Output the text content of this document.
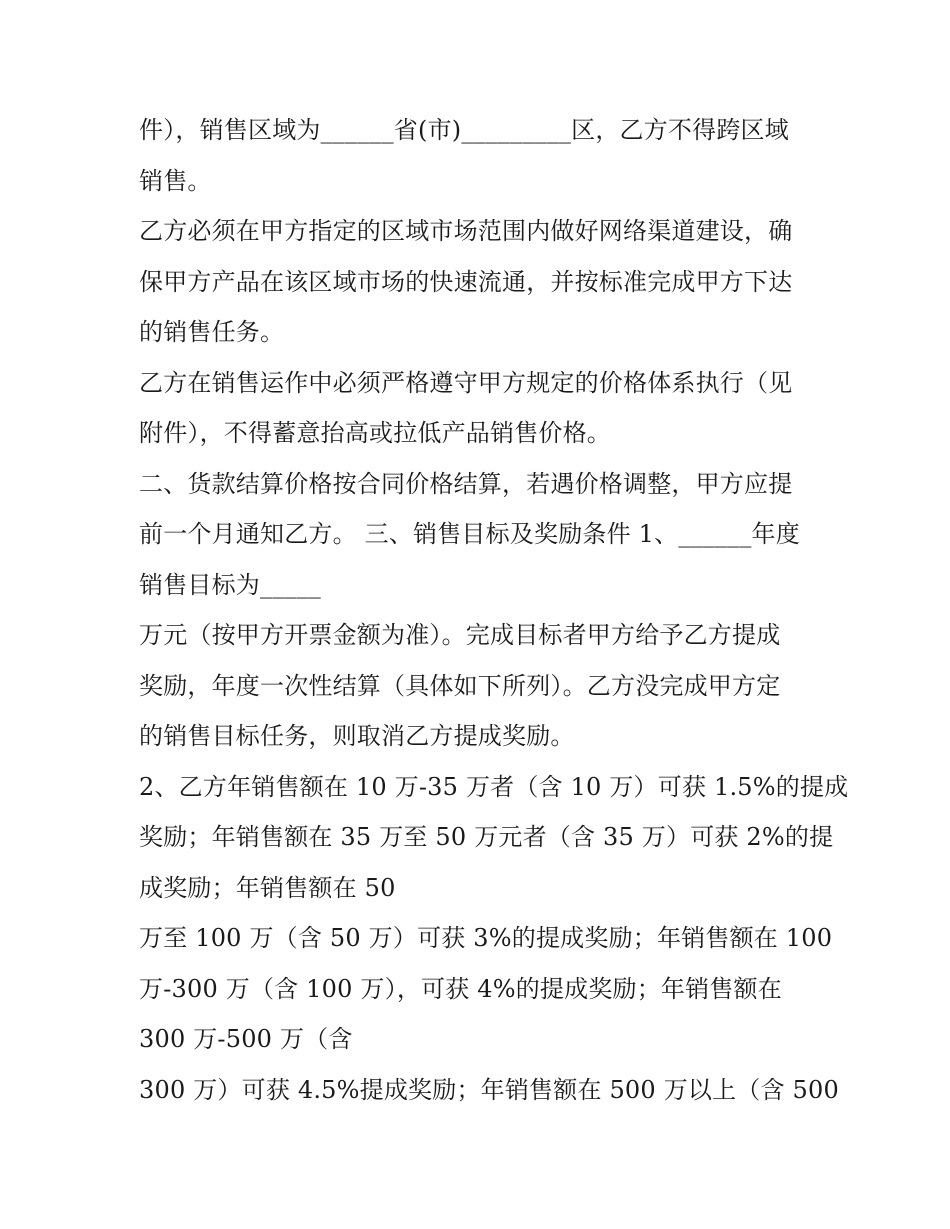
件），销售区域为______省(市)_________区，乙方不得跨区域
销售。
乙方必须在甲方指定的区域市场范围内做好网络渠道建设，确
保甲方产品在该区域市场的快速流通，并按标准完成甲方下达
的销售任务。
乙方在销售运作中必须严格遵守甲方规定的价格体系执行（见
附件），不得蓄意抬高或拉低产品销售价格。
二、货款结算价格按合同价格结算，若遇价格调整，甲方应提
前一个月通知乙方。 三、销售目标及奖励条件 1、______年度
销售目标为_____
万元（按甲方开票金额为准）。完成目标者甲方给予乙方提成
奖励，年度一次性结算（具体如下所列）。乙方没完成甲方定
的销售目标任务，则取消乙方提成奖励。
2、乙方年销售额在 10 万-35 万者（含 10 万）可获 1.5%的提成
奖励；年销售额在 35 万至 50 万元者（含 35 万）可获 2%的提
成奖励；年销售额在 50
万至 100 万（含 50 万）可获 3%的提成奖励；年销售额在 100
万-300 万（含 100 万），可获 4%的提成奖励；年销售额在
300 万-500 万（含
300 万）可获 4.5%提成奖励；年销售额在 500 万以上（含 500
